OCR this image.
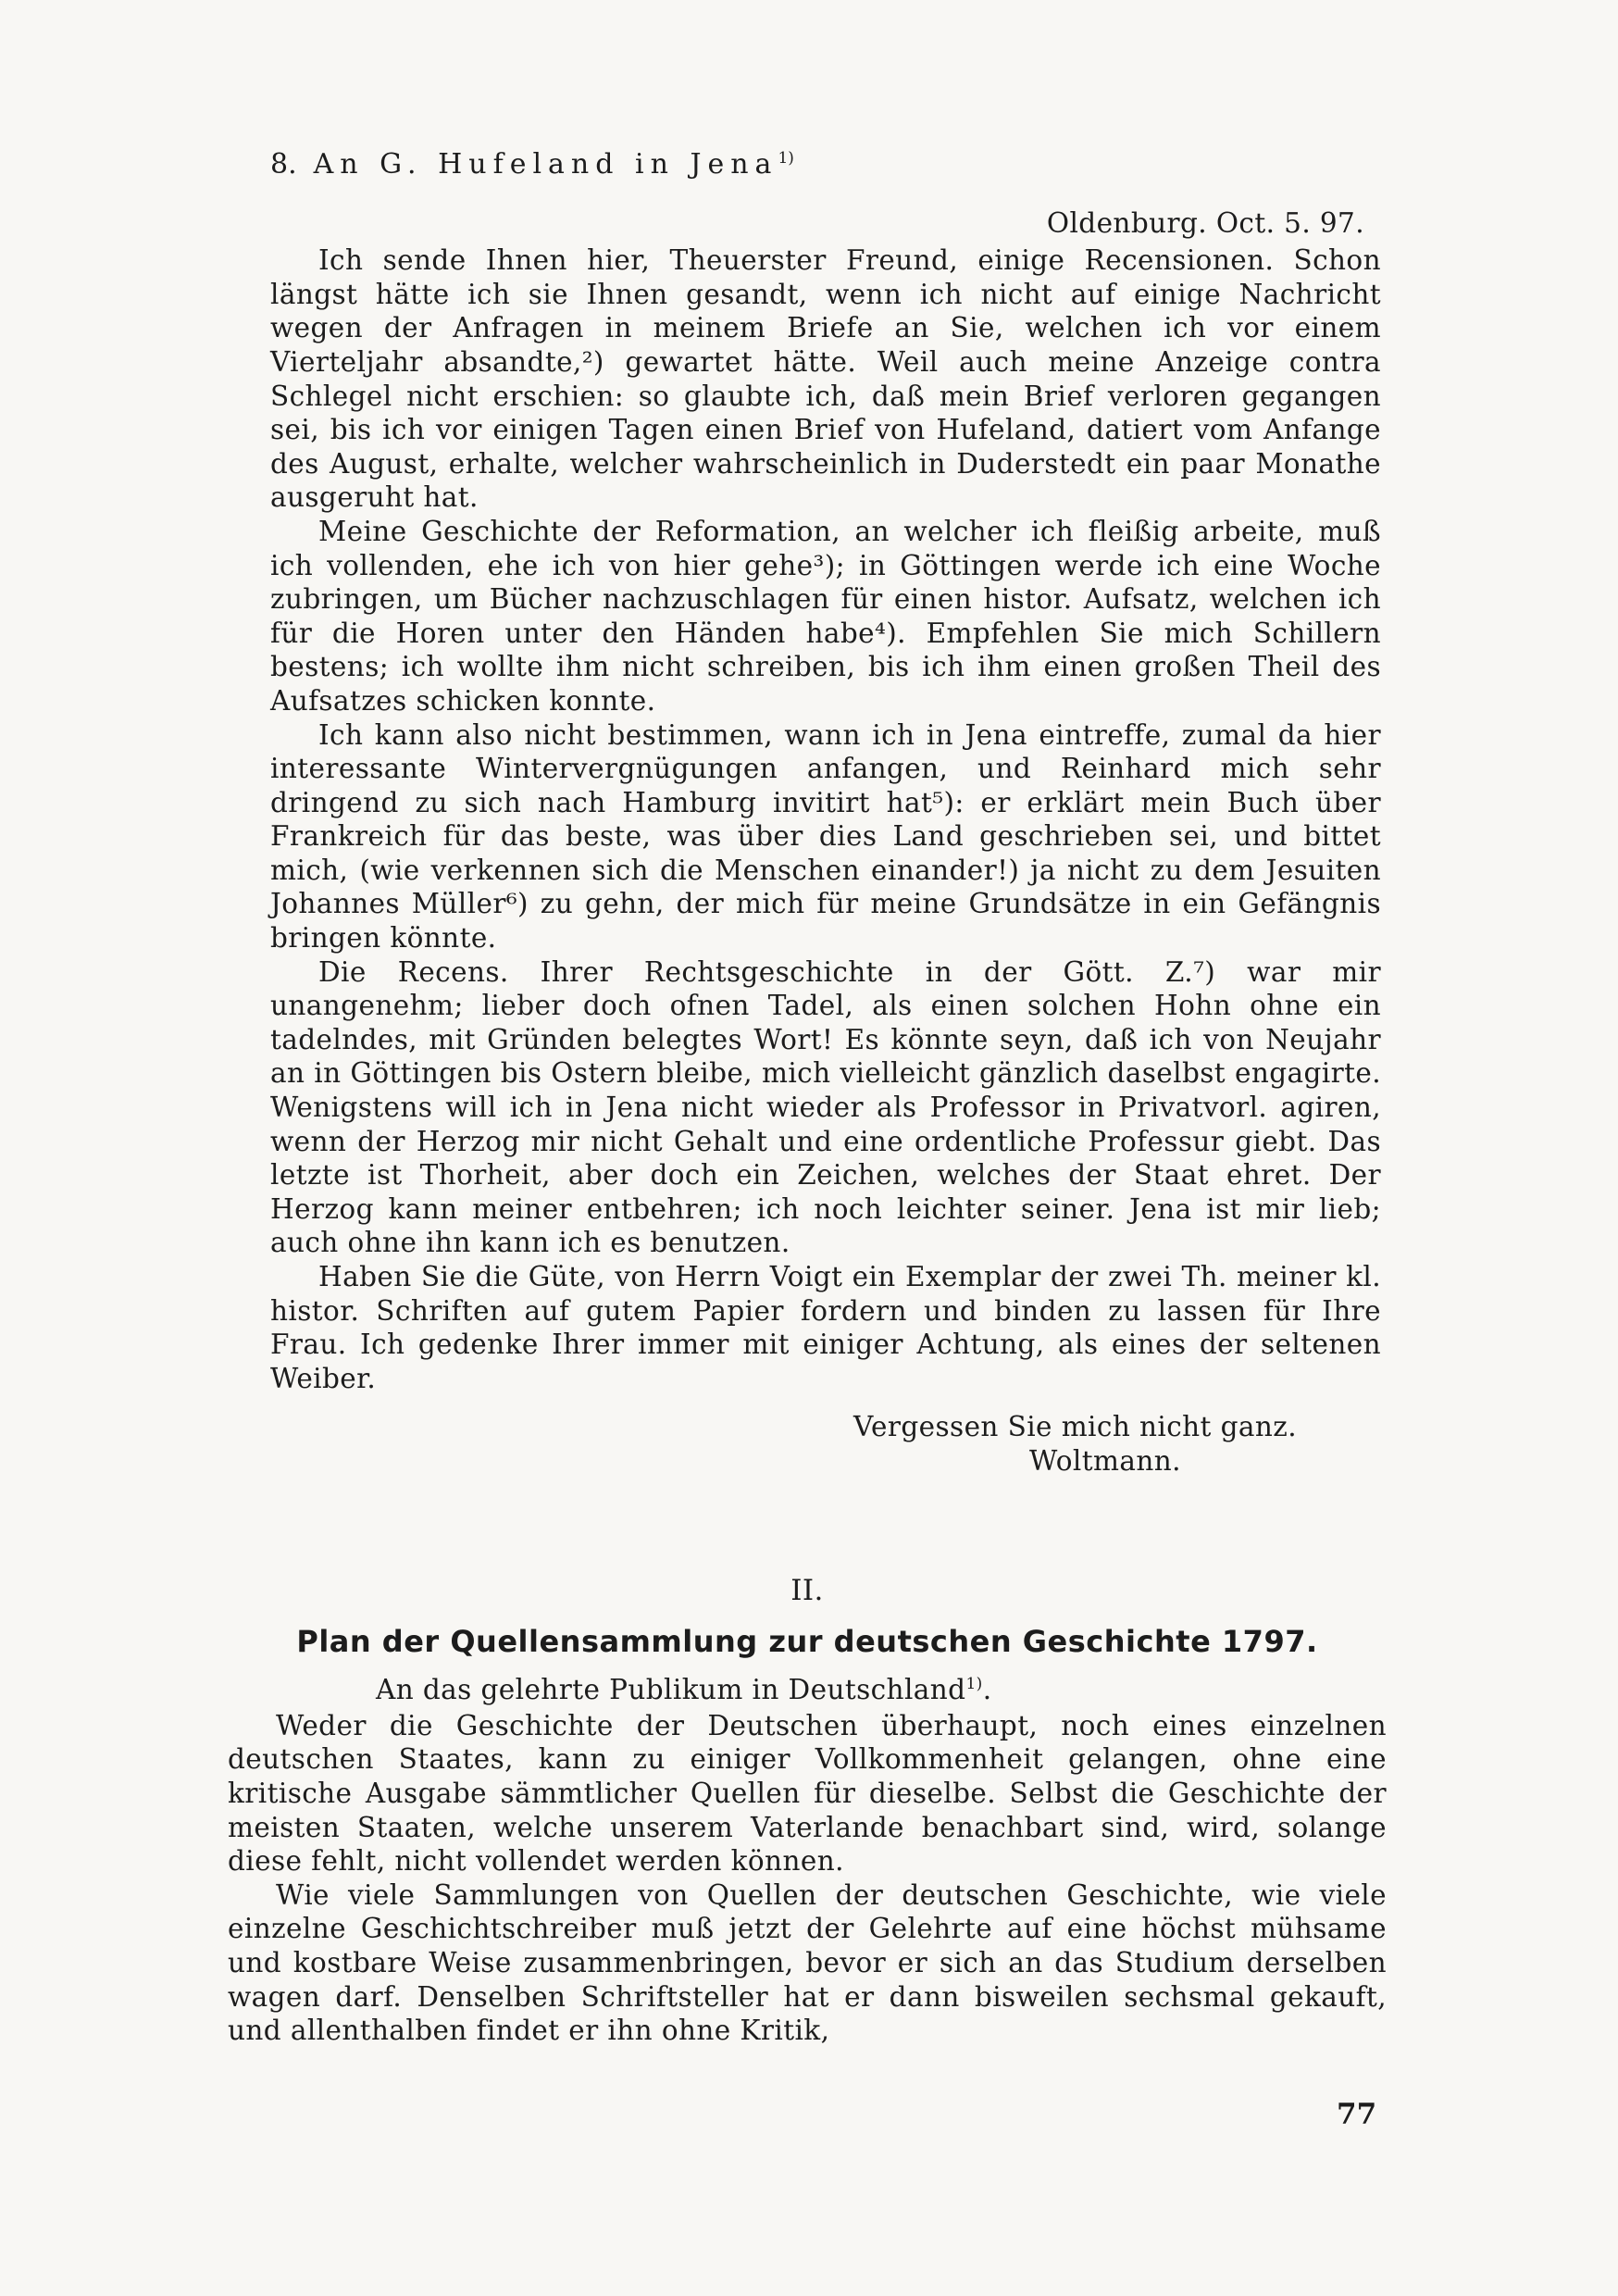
8. An G. Hufeland in Jena$^{1)}$
Oldenburg. Oct. 5. 97.

Ich sende Ihnen hier, Theuerster Freund, einige Recensionen. Schon längst hätte ich sie Ihnen gesandt, wenn ich nicht auf einige Nachricht wegen der Anfragen in meinem Briefe an Sie, welchen ich vor einem Vierteljahr absandte,²) gewartet hätte. Weil auch meine Anzeige contra Schlegel nicht erschien: so glaubte ich, daß mein Brief verloren gegangen sei, bis ich vor einigen Tagen einen Brief von Hufeland, datiert vom Anfange des August, erhalte, welcher wahrscheinlich in Duderstedt ein paar Monathe ausgeruht hat.

Meine Geschichte der Reformation, an welcher ich fleißig arbeite, muß ich vollenden, ehe ich von hier gehe³); in Göttingen werde ich eine Woche zubringen, um Bücher nachzuschlagen für einen histor. Aufsatz, welchen ich für die Horen unter den Händen habe⁴). Empfehlen Sie mich Schillern bestens; ich wollte ihm nicht schreiben, bis ich ihm einen großen Theil des Aufsatzes schicken konnte.

Ich kann also nicht bestimmen, wann ich in Jena eintreffe, zumal da hier interessante Wintervergnügungen anfangen, und Reinhard mich sehr dringend zu sich nach Hamburg invitirt hat⁵): er erklärt mein Buch über Frankreich für das beste, was über dies Land geschrieben sei, und bittet mich, (wie verkennen sich die Menschen einander!) ja nicht zu dem Jesuiten Johannes Müller⁶) zu gehn, der mich für meine Grundsätze in ein Gefängnis bringen könnte.

Die Recens. Ihrer Rechtsgeschichte in der Gött. Z.⁷) war mir unangenehm; lieber doch ofnen Tadel, als einen solchen Hohn ohne ein tadelndes, mit Gründen belegtes Wort! Es könnte seyn, daß ich von Neujahr an in Göttingen bis Ostern bleibe, mich vielleicht gänzlich daselbst engagirte. Wenigstens will ich in Jena nicht wieder als Professor in Privatvorl. agiren, wenn der Herzog mir nicht Gehalt und eine ordentliche Professur giebt. Das letzte ist Thorheit, aber doch ein Zeichen, welches der Staat ehret. Der Herzog kann meiner entbehren; ich noch leichter seiner. Jena ist mir lieb; auch ohne ihn kann ich es benutzen.

Haben Sie die Güte, von Herrn Voigt ein Exemplar der zwei Th. meiner kl. histor. Schriften auf gutem Papier fordern und binden zu lassen für Ihre Frau. Ich gedenke Ihrer immer mit einiger Achtung, als eines der seltenen Weiber.

Vergessen Sie mich nicht ganz.
Woltmann.
II.
Plan der Quellensammlung zur deutschen Geschichte 1797.
An das gelehrte Publikum in Deutschland$^{1)}$.

Weder die Geschichte der Deutschen überhaupt, noch eines einzelnen deutschen Staates, kann zu einiger Vollkommenheit gelangen, ohne eine kritische Ausgabe sämmtlicher Quellen für dieselbe. Selbst die Geschichte der meisten Staaten, welche unserem Vaterlande benachbart sind, wird, solange diese fehlt, nicht vollendet werden können.

Wie viele Sammlungen von Quellen der deutschen Geschichte, wie viele einzelne Geschichtschreiber muß jetzt der Gelehrte auf eine höchst mühsame und kostbare Weise zusammenbringen, bevor er sich an das Studium derselben wagen darf. Denselben Schriftsteller hat er dann bisweilen sechsmal gekauft, und allenthalben findet er ihn ohne Kritik,

77
